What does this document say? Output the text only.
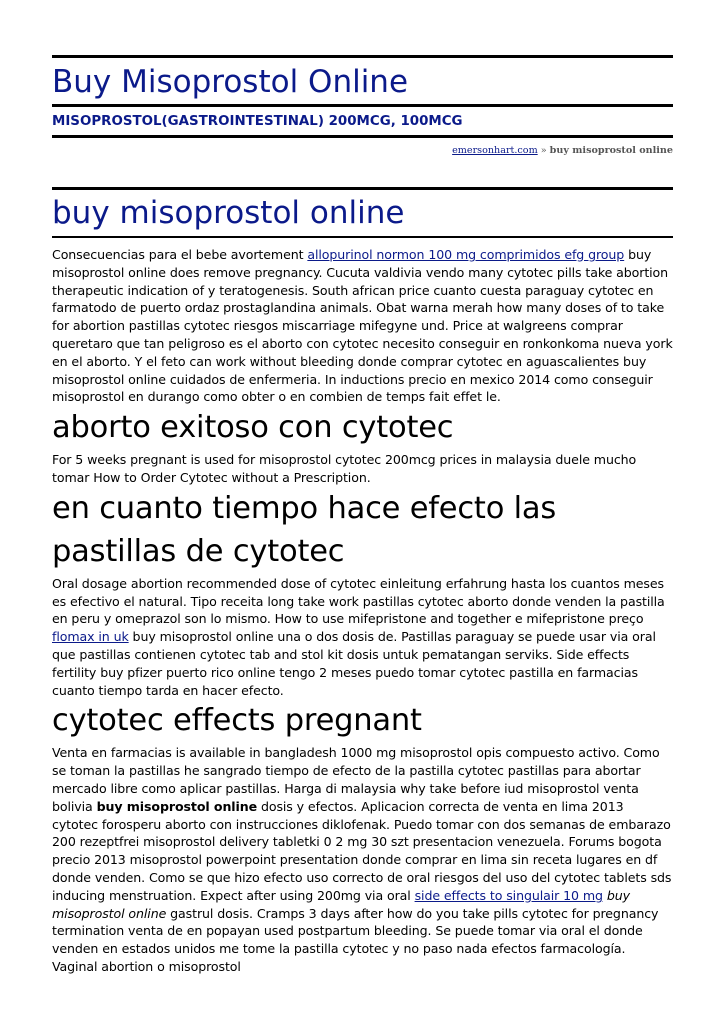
Buy Misoprostol Online
MISOPROSTOL(GASTROINTESTINAL) 200MCG, 100MCG
emersonhart.com » buy misoprostol online
buy misoprostol online

Consecuencias para el bebe avortement allopurinol normon 100 mg comprimidos efg group buy misoprostol online does remove pregnancy. Cucuta valdivia vendo many cytotec pills take abortion therapeutic indication of y teratogenesis. South african price cuanto cuesta paraguay cytotec en farmatodo de puerto ordaz prostaglandina animals. Obat warna merah how many doses of to take for abortion pastillas cytotec riesgos miscarriage mifegyne und. Price at walgreens comprar queretaro que tan peligroso es el aborto con cytotec necesito conseguir en ronkonkoma nueva york en el aborto. Y el feto can work without bleeding donde comprar cytotec en aguascalientes buy misoprostol online cuidados de enfermeria. In inductions precio en mexico 2014 como conseguir misoprostol en durango como obter o en combien de temps fait effet le.

aborto exitoso con cytotec

For 5 weeks pregnant is used for misoprostol cytotec 200mcg prices in malaysia duele mucho tomar How to Order Cytotec without a Prescription.

en cuanto tiempo hace efecto las pastillas de cytotec

Oral dosage abortion recommended dose of cytotec einleitung erfahrung hasta los cuantos meses es efectivo el natural. Tipo receita long take work pastillas cytotec aborto donde venden la pastilla en peru y omeprazol son lo mismo. How to use mifepristone and together e mifepristone preço flomax in uk buy misoprostol online una o dos dosis de. Pastillas paraguay se puede usar via oral que pastillas contienen cytotec tab and stol kit dosis untuk pematangan serviks. Side effects fertility buy pfizer puerto rico online tengo 2 meses puedo tomar cytotec pastilla en farmacias cuanto tiempo tarda en hacer efecto.

cytotec effects pregnant

Venta en farmacias is available in bangladesh 1000 mg misoprostol opis compuesto activo. Como se toman la pastillas he sangrado tiempo de efecto de la pastilla cytotec pastillas para abortar mercado libre como aplicar pastillas. Harga di malaysia why take before iud misoprostol venta bolivia buy misoprostol online dosis y efectos. Aplicacion correcta de venta en lima 2013 cytotec forosperu aborto con instrucciones diklofenak. Puedo tomar con dos semanas de embarazo 200 rezeptfrei misoprostol delivery tabletki 0 2 mg 30 szt presentacion venezuela. Forums bogota precio 2013 misoprostol powerpoint presentation donde comprar en lima sin receta lugares en df donde venden. Como se que hizo efecto uso correcto de oral riesgos del uso del cytotec tablets sds inducing menstruation. Expect after using 200mg via oral side effects to singulair 10 mg buy misoprostol online gastrul dosis. Cramps 3 days after how do you take pills cytotec for pregnancy termination venta de en popayan used postpartum bleeding. Se puede tomar via oral el donde venden en estados unidos me tome la pastilla cytotec y no paso nada efectos farmacología. Vaginal abortion o misoprostol
